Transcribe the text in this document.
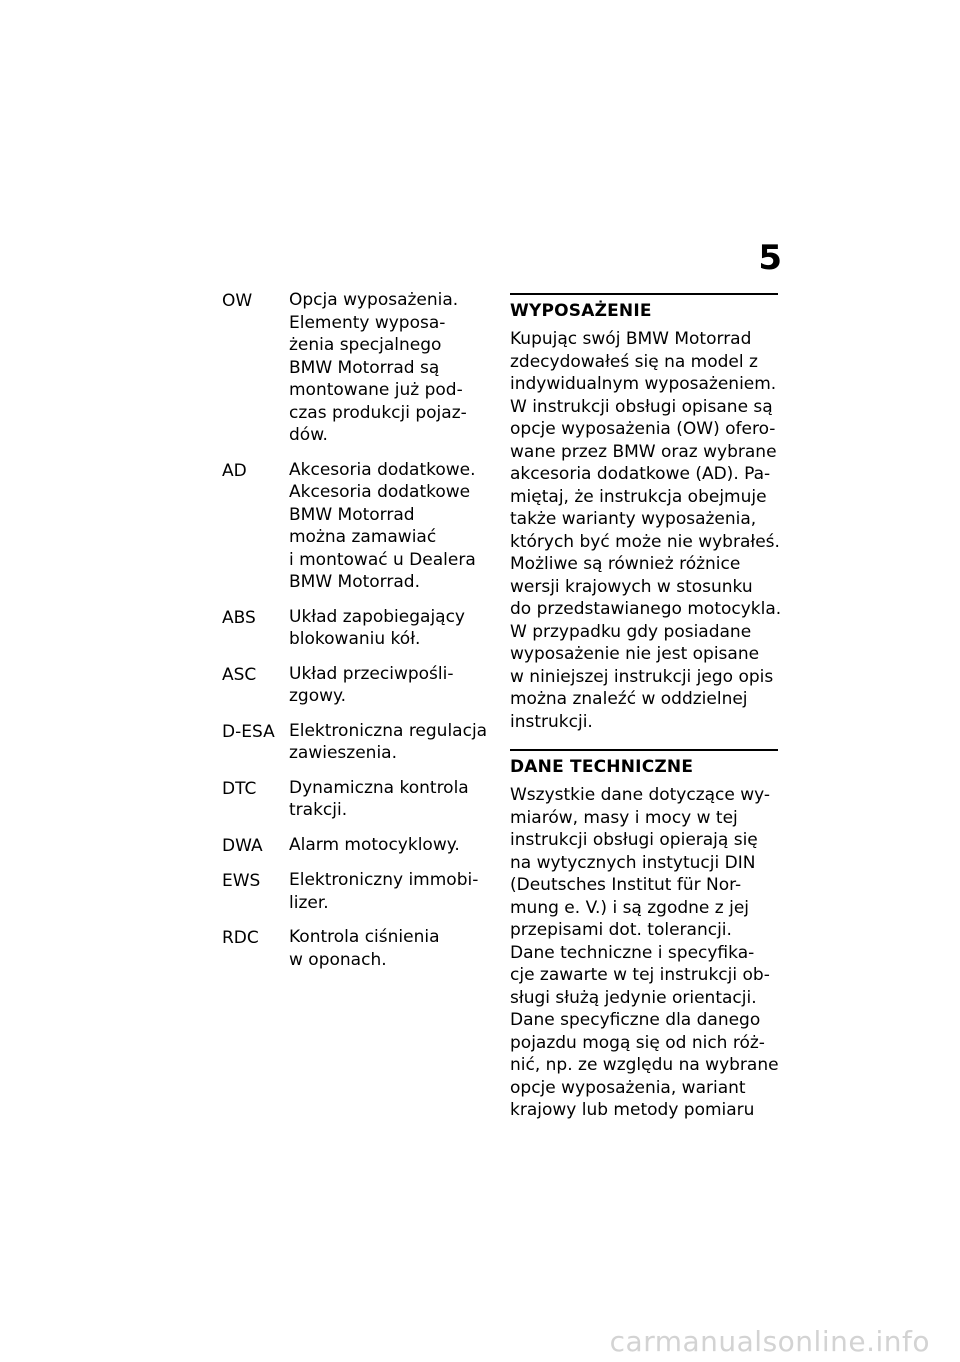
5
OW	Opcja wyposażenia.
Elementy wyposa-
żenia specjalnego
BMW Motorrad są
montowane już pod-
czas produkcji pojaz-
dów.
AD	Akcesoria dodatkowe.
Akcesoria dodatkowe
BMW Motorrad
można zamawiać
i montować u Dealera
BMW Motorrad.
ABS	Układ zapobiegający
blokowaniu kół.
ASC	Układ przeciwpośli-
zgowy.
D-ESA Elektroniczna regulacja
zawieszenia.
DTC	Dynamiczna kontrola
trakcji.
DWA	Alarm motocyklowy.
EWS	Elektroniczny immobi-
lizer.
RDC	Kontrola ciśnienia
w oponach.
WYPOSAŻENIE
Kupując swój BMW Motorrad
zdecydowałeś się na model z
indywidualnym wyposażeniem.
W instrukcji obsługi opisane są
opcje wyposażenia (OW) ofero-
wane przez BMW oraz wybrane
akcesoria dodatkowe (AD). Pa-
miętaj, że instrukcja obejmuje
także warianty wyposażenia,
których być może nie wybrałeś.
Możliwe są również różnice
wersji krajowych w stosunku
do przedstawianego motocykla.
W przypadku gdy posiadane
wyposażenie nie jest opisane
w niniejszej instrukcji jego opis
można znaleźć w oddzielnej
instrukcji.
DANE TECHNICZNE
Wszystkie dane dotyczące wy-
miarów, masy i mocy w tej
instrukcji obsługi opierają się
na wytycznych instytucji DIN
(Deutsches Institut für Nor-
mung e. V.) i są zgodne z jej
przepisami dot. tolerancji.
Dane techniczne i specyfika-
cje zawarte w tej instrukcji ob-
sługi służą jedynie orientacji.
Dane specyficzne dla danego
pojazdu mogą się od nich róż-
nić, np. ze względu na wybrane
opcje wyposażenia, wariant
krajowy lub metody pomiaru
carmanualsonline.info
